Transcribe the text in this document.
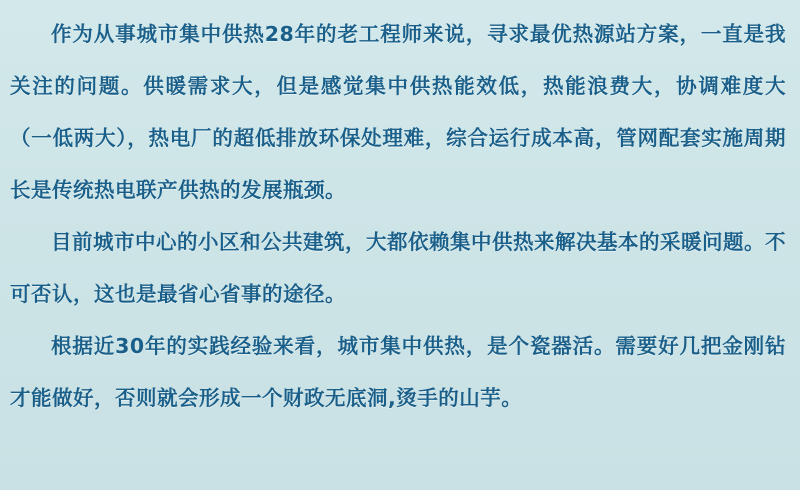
作为从事城市集中供热28年的老工程师来说，寻求最优热源站方案，一直是我关注的问题。供暖需求大，但是感觉集中供热能效低，热能浪费大，协调难度大（一低两大），热电厂的超低排放环保处理难，综合运行成本高，管网配套实施周期长是传统热电联产供热的发展瓶颈。

目前城市中心的小区和公共建筑，大都依赖集中供热来解决基本的采暖问题。不可否认，这也是最省心省事的途径。

根据近30年的实践经验来看，城市集中供热，是个瓷器活。需要好几把金刚钻才能做好，否则就会形成一个财政无底洞,烫手的山芋。
